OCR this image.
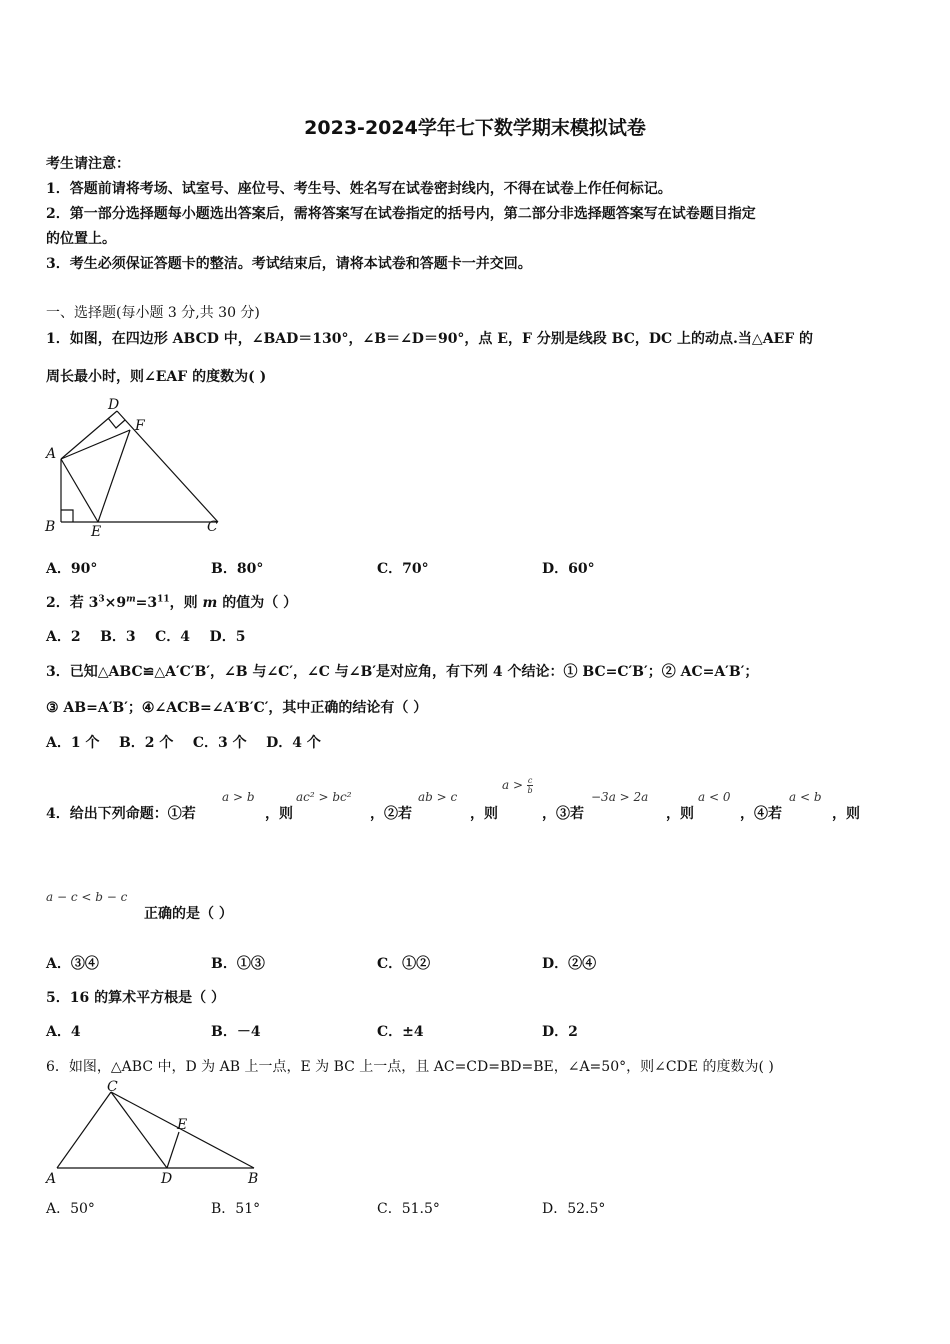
2023-2024学年七下数学期末模拟试卷
考生请注意：
1．答题前请将考场、试室号、座位号、考生号、姓名写在试卷密封线内，不得在试卷上作任何标记。
2．第一部分选择题每小题选出答案后，需将答案写在试卷指定的括号内，第二部分非选择题答案写在试卷题目指定
的位置上。
3．考生必须保证答题卡的整洁。考试结束后，请将本试卷和答题卡一并交回。
一、选择题(每小题 3 分,共 30 分)
1．如图，在四边形 ABCD 中，∠BAD＝130°，∠B＝∠D＝90°，点 E，F 分别是线段 BC，DC 上的动点.当△AEF 的
周长最小时，则∠EAF 的度数为( )
D
F
A
B	E	C
A．90°	B．80°	C．70°	D．60°
2．若 $3^3\times 9^m=3^{11}$，则 m 的值为（ ）
A．2    B．3    C．4    D．5
3．已知△ABC≌△A′C′B′，∠B 与∠C′，∠C 与∠B′是对应角，有下列 4 个结论：① BC=C′B′；② AC=A′B′；
③ AB=A′B′；④∠ACB=∠A′B′C′，其中正确的结论有（ ）
A．1 个    B．2 个    C．3 个    D．4 个
4．给出下列命题：①若
a > b
，则
ac² > bc²
，②若
ab > c
，则
$a > \frac{c}{b}$
，③若
−3a > 2a
，则
a < 0
，④若
a < b
，则
a − c < b − c
正确的是（ ）
A．③④	B．①③	C．①②	D．②④
5．16 的算术平方根是（ ）
A．4	B．－4	C．±4	D．2
6．如图，△ABC 中，D 为 AB 上一点，E 为 BC 上一点，且 AC=CD=BD=BE，∠A=50°，则∠CDE 的度数为( )
C
E
A	D	B
A．50°	B．51°	C．51.5°	D．52.5°
